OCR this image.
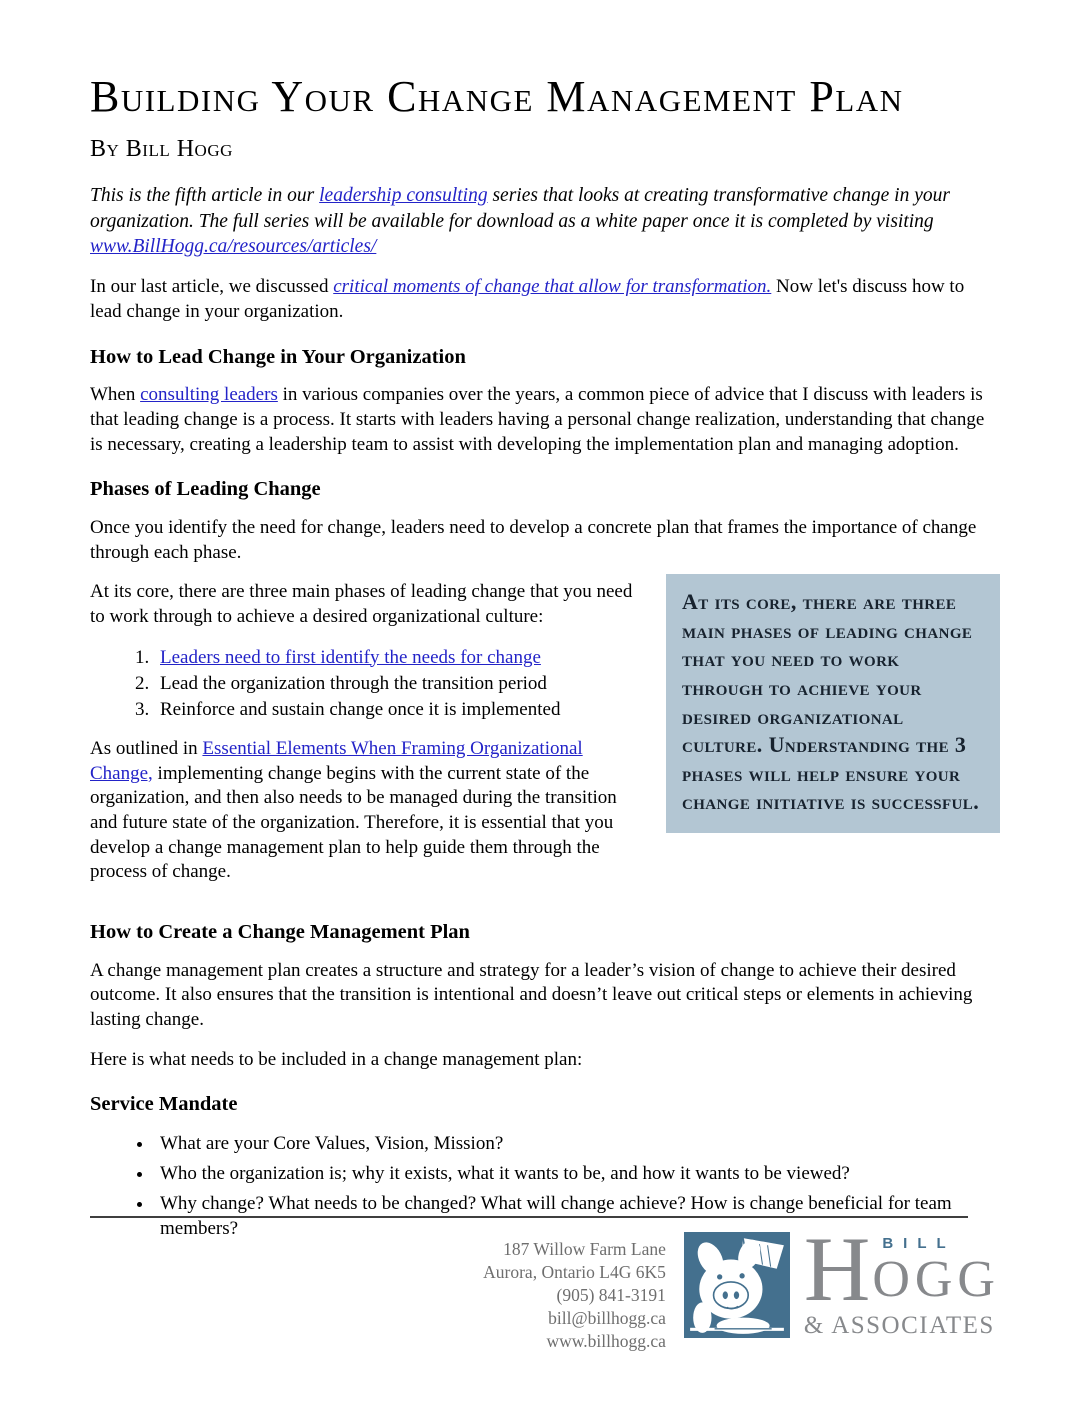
Building Your Change Management Plan
By Bill Hogg

This is the fifth article in our leadership consulting series that looks at creating transformative change in your organization. The full series will be available for download as a white paper once it is completed by visiting www.BillHogg.ca/resources/articles/

In our last article, we discussed critical moments of change that allow for transformation. Now let's discuss how to lead change in your organization.

How to Lead Change in Your Organization

When consulting leaders in various companies over the years, a common piece of advice that I discuss with leaders is that leading change is a process. It starts with leaders having a personal change realization, understanding that change is necessary, creating a leadership team to assist with developing the implementation plan and managing adoption.

Phases of Leading Change

Once you identify the need for change, leaders need to develop a concrete plan that frames the importance of change through each phase.

At its core, there are three main phases of leading change that you need to work through to achieve a desired organizational culture:

1. Leaders need to first identify the needs for change
2. Lead the organization through the transition period
3. Reinforce and sustain change once it is implemented

As outlined in Essential Elements When Framing Organizational Change, implementing change begins with the current state of the organization, and then also needs to be managed during the transition and future state of the organization. Therefore, it is essential that you develop a change management plan to help guide them through the process of change.

At its core, there are three main phases of leading change that you need to work through to achieve your desired organizational culture. Understanding the 3 phases will help ensure your change initiative is successful.
How to Create a Change Management Plan

A change management plan creates a structure and strategy for a leader’s vision of change to achieve their desired outcome. It also ensures that the transition is intentional and doesn’t leave out critical steps or elements in achieving lasting change.

Here is what needs to be included in a change management plan:

Service Mandate
• What are your Core Values, Vision, Mission?
• Who the organization is; why it exists, what it wants to be, and how it wants to be viewed?
• Why change? What needs to be changed? What will change achieve? How is change beneficial for team members?
187 Willow Farm Lane
Aurora, Ontario L4G 6K5
(905) 841-3191
bill@billhogg.ca
www.billhogg.ca
H BILL
OGG
& ASSOCIATES
